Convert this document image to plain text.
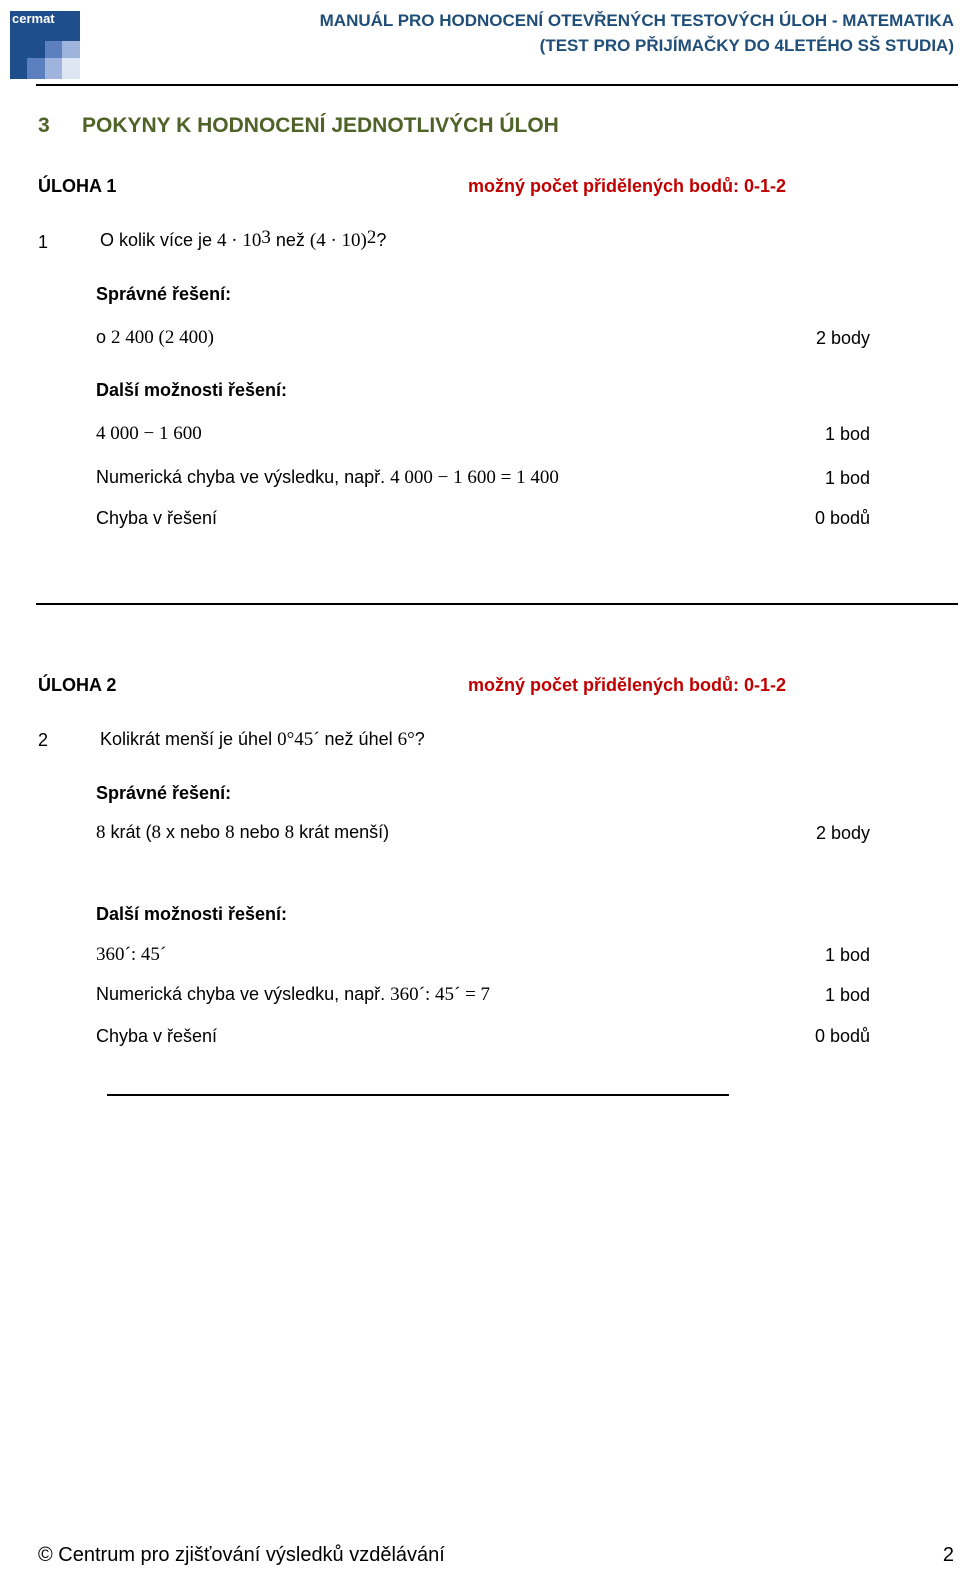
cermat	MANUÁL PRO HODNOCENÍ OTEVŘENÝCH TESTOVÝCH ÚLOH - MATEMATIKA
(TEST PRO PŘIJÍMAČKY DO 4LETÉHO SŠ STUDIA)
3 POKYNY K HODNOCENÍ JEDNOTLIVÝCH ÚLOH
ÚLOHA 1	možný počet přidělených bodů: 0-1-2
1	O kolik více je $4 \cdot 10^3$ než $(4 \cdot 10)^2$?
Správné řešení:
o 2 400 (2 400)	2 body
Další možnosti řešení:
4 000 − 1 600	1 bod
Numerická chyba ve výsledku, např. 4 000 − 1 600 = 1 400	1 bod
Chyba v řešení	0 bodů
ÚLOHA 2	možný počet přidělených bodů: 0-1-2
2	Kolikrát menší je úhel 0°45´ než úhel 6°?
Správné řešení:
8 krát (8 x nebo 8 nebo 8 krát menší)	2 body
Další možnosti řešení:
360´: 45´	1 bod
Numerická chyba ve výsledku, např. 360´: 45´ = 7	1 bod
Chyba v řešení	0 bodů
© Centrum pro zjišťování výsledků vzdělávání	2
